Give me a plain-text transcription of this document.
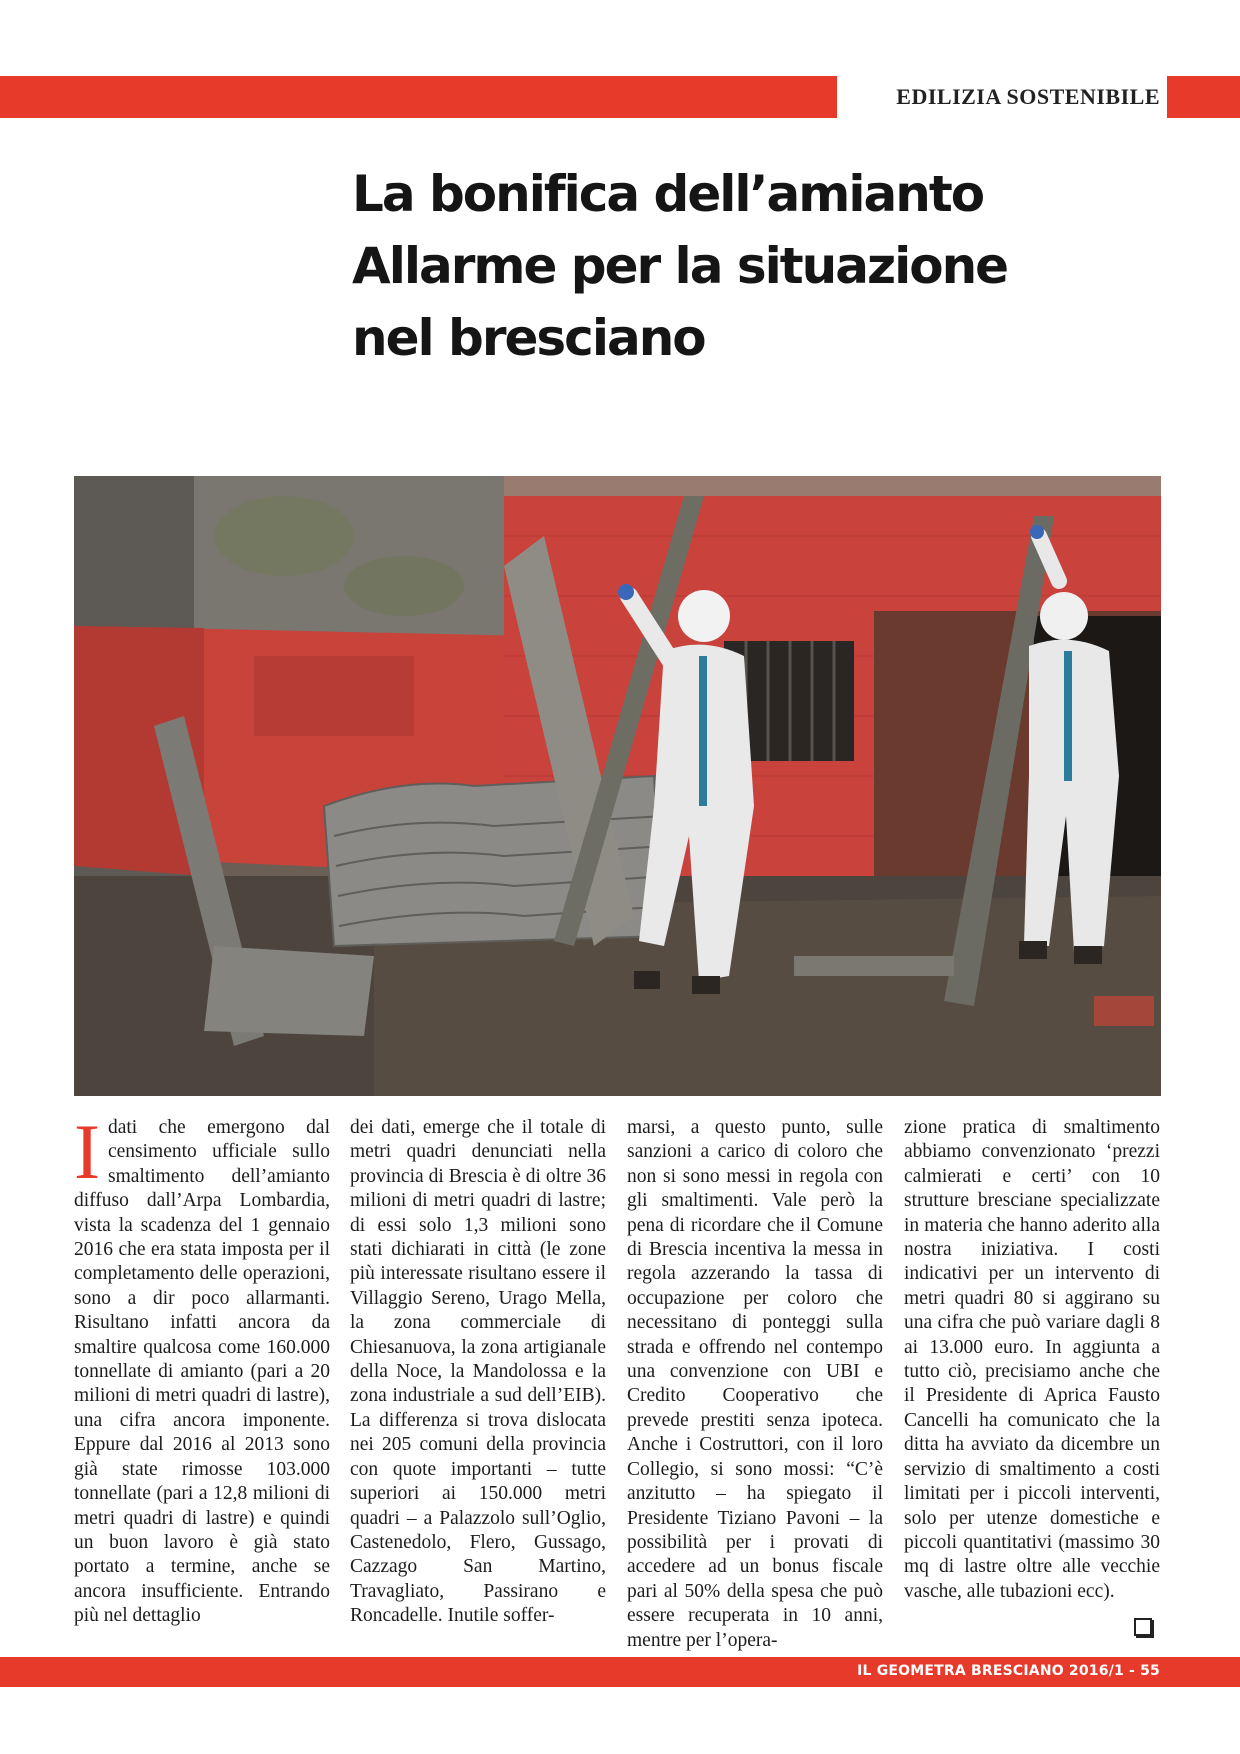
EDILIZIA SOSTENIBILE
La bonifica dell’amianto
Allarme per la situazione
nel bresciano

Idati che emergono dal censimento ufficiale sullo smaltimento dell’amianto diffuso dall’Arpa Lombardia, vista la scadenza del 1 gennaio 2016 che era stata imposta per il completamento delle operazioni, sono a dir poco allarmanti. Risultano infatti ancora da smaltire qualcosa come 160.000 tonnellate di amianto (pari a 20 milioni di metri quadri di lastre), una cifra ancora imponente. Eppure dal 2016 al 2013 sono già state rimosse 103.000 tonnellate (pari a 12,8 milioni di metri quadri di lastre) e quindi un buon lavoro è già stato portato a termine, anche se ancora insufficiente. Entrando più nel dettaglio

dei dati, emerge che il totale di metri quadri denunciati nella provincia di Brescia è di oltre 36 milioni di metri quadri di lastre; di essi solo 1,3 milioni sono stati dichiarati in città (le zone più interessate risultano essere il Villaggio Sereno, Urago Mella, la zona commerciale di Chiesanuova, la zona artigianale della Noce, la Mandolossa e la zona industriale a sud dell’EIB). La differenza si trova dislocata nei 205 comuni della provincia con quote importanti – tutte superiori ai 150.000 metri quadri – a Palazzolo sull’Oglio, Castenedolo, Flero, Gussago, Cazzago San Martino, Travagliato, Passirano e Roncadelle. Inutile soffer-

marsi, a questo punto, sulle sanzioni a carico di coloro che non si sono messi in regola con gli smaltimenti. Vale però la pena di ricordare che il Comune di Brescia incentiva la messa in regola azzerando la tassa di occupazione per coloro che necessitano di ponteggi sulla strada e offrendo nel contempo una convenzione con UBI e Credito Cooperativo che prevede prestiti senza ipoteca. Anche i Costruttori, con il loro Collegio, si sono mossi: “C’è anzitutto – ha spiegato il Presidente Tiziano Pavoni – la possibilità per i provati di accedere ad un bonus fiscale pari al 50% della spesa che può essere recuperata in 10 anni, mentre per l’opera-

zione pratica di smaltimento abbiamo convenzionato ‘prezzi calmierati e certi’ con 10 strutture bresciane specializzate in materia che hanno aderito alla nostra iniziativa. I costi indicativi per un intervento di metri quadri 80 si aggirano su una cifra che può variare dagli 8 ai 13.000 euro. In aggiunta a tutto ciò, precisiamo anche che il Presidente di Aprica Fausto Cancelli ha comunicato che la ditta ha avviato da dicembre un servizio di smaltimento a costi limitati per i piccoli interventi, solo per utenze domestiche e piccoli quantitativi (massimo 30 mq di lastre oltre alle vecchie vasche, alle tubazioni ecc).

IL GEOMETRA BRESCIANO 2016/1 - 55
